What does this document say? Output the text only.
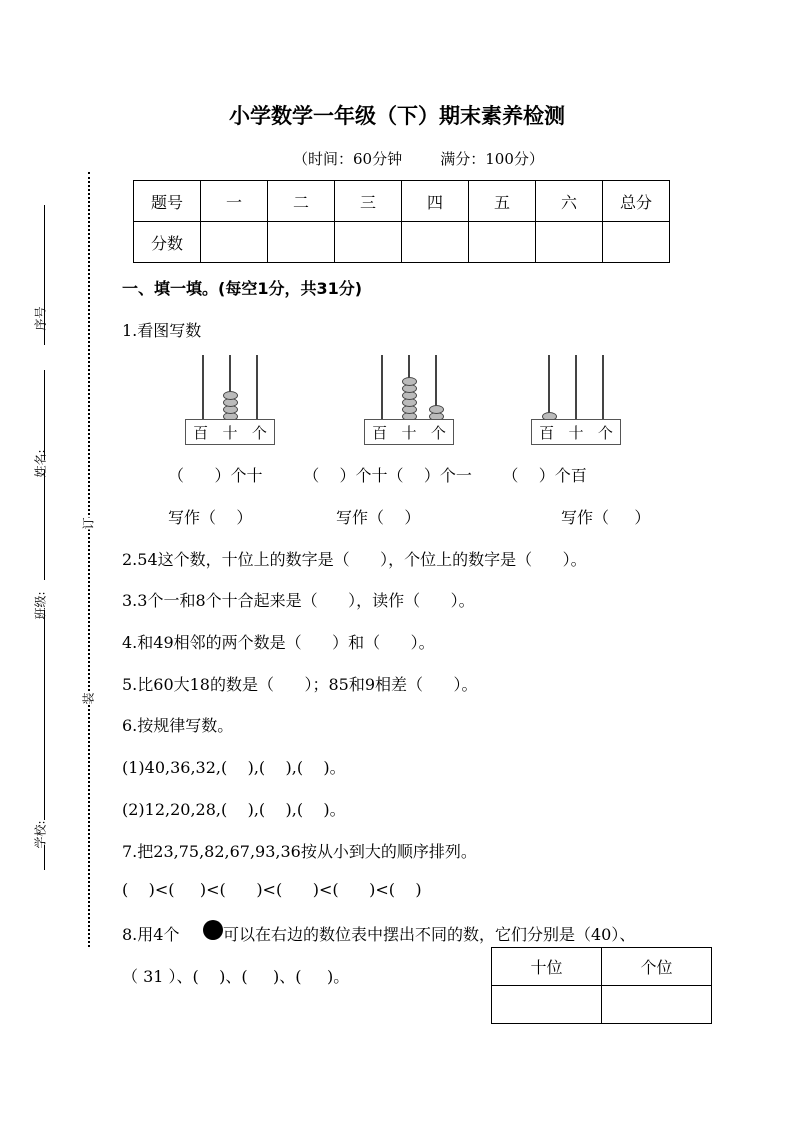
小学数学一年级（下）期末素养检测
（时间：60分钟        满分：100分）
题号	一	二	三	四	五	六	总分
分数							
序号
姓名:
班级:
学校:
订
装
一、填一填。(每空1分，共31分)
1.看图写数
百 十 个	百 十 个	百 十 个
（      ）个十        （    ）个十（    ）个一      （    ）个百
写作（    ）	写作（    ）	写作（     ）
2.54这个数，十位上的数字是（      ），个位上的数字是（      ）。
3.3个一和8个十合起来是（      ），读作（      ）。
4.和49相邻的两个数是（      ）和（      ）。
5.比60大18的数是（      ）；85和9相差（      ）。
6.按规律写数。
(1)40,36,32,(    ),(    ),(    )。
(2)12,20,28,(    ),(    ),(    )。
7.把23,75,82,67,93,36按从小到大的顺序排列。
(    )<(     )<(      )<(      )<(      )<(    )
8.用4个	可以在右边的数位表中摆出不同的数，它们分别是（40）、
（ 31 ）、(    )、(     )、(     )。	十位	个位
